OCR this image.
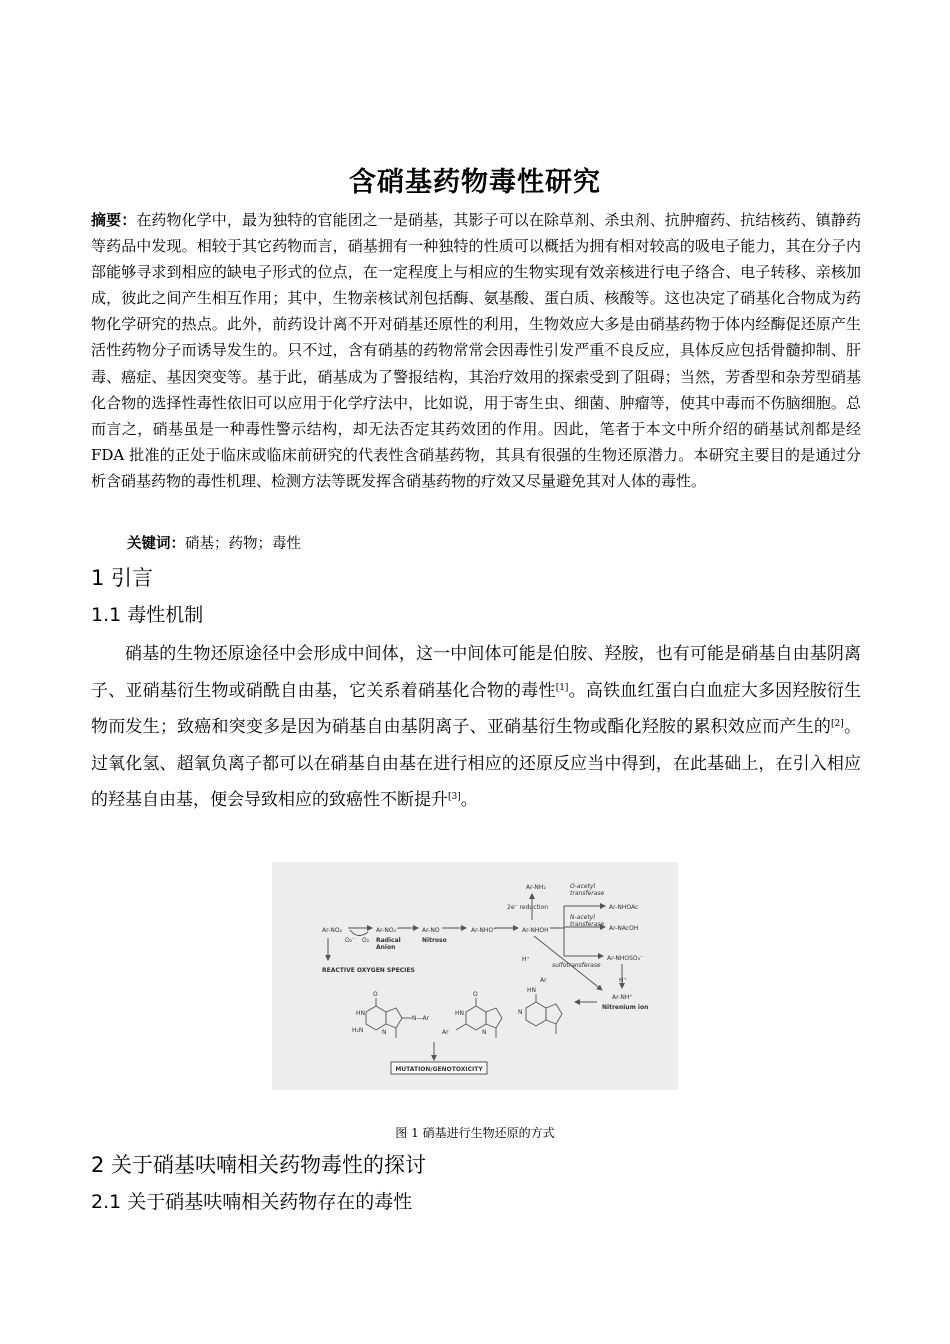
含硝基药物毒性研究
摘要：在药物化学中，最为独特的官能团之一是硝基，其影子可以在除草剂、杀虫剂、抗肿瘤药、抗结核药、镇静药等药品中发现。相较于其它药物而言，硝基拥有一种独特的性质可以概括为拥有相对较高的吸电子能力，其在分子内部能够寻求到相应的缺电子形式的位点，在一定程度上与相应的生物实现有效亲核进行电子络合、电子转移、亲核加成，彼此之间产生相互作用；其中，生物亲核试剂包括酶、氨基酸、蛋白质、核酸等。这也决定了硝基化合物成为药物化学研究的热点。此外，前药设计离不开对硝基还原性的利用，生物效应大多是由硝基药物于体内经酶促还原产生活性药物分子而诱导发生的。只不过，含有硝基的药物常常会因毒性引发严重不良反应，具体反应包括骨髓抑制、肝毒、癌症、基因突变等。基于此，硝基成为了警报结构，其治疗效用的探索受到了阻碍；当然，芳香型和杂芳型硝基化合物的选择性毒性依旧可以应用于化学疗法中，比如说，用于寄生虫、细菌、肿瘤等，使其中毒而不伤脑细胞。总而言之，硝基虽是一种毒性警示结构，却无法否定其药效团的作用。因此，笔者于本文中所介绍的硝基试剂都是经 FDA 批准的正处于临床或临床前研究的代表性含硝基药物，其具有很强的生物还原潜力。本研究主要目的是通过分析含硝基药物的毒性机理、检测方法等既发挥含硝基药物的疗效又尽量避免其对人体的毒性。
关键词：硝基；药物；毒性
1 引言
1.1 毒性机制
硝基的生物还原途径中会形成中间体，这一中间体可能是伯胺、羟胺，也有可能是硝基自由基阴离子、亚硝基衍生物或硝酰自由基，它关系着硝基化合物的毒性[1]。高铁血红蛋白白血症大多因羟胺衍生物而发生；致癌和突变多是因为硝基自由基阴离子、亚硝基衍生物或酯化羟胺的累积效应而产生的[2]。过氧化氢、超氧负离子都可以在硝基自由基在进行相应的还原反应当中得到，在此基础上，在引入相应的羟基自由基，便会导致相应的致癌性不断提升[3]。
Ar-NH₂
2e⁻ reduction
O-acetyl
transferase
N-acetyl
transferase
Ar-NHOAc
Ar-NAcOH
Ar-NO₂	Ar-NO₂⁻	Ar-NO	Ar-NHO⁻	Ar-NHOH
O₂⁻ O₂ Radical
Anion
Nitroso
H⁺
sulfotransferase
Ar-NHOSO₃⁻
H⁺
REACTIVE OXYGEN SPECIES
Ar-NH⁺
Nitrenium ion
O
HN
H₂N	N
N—Ar
O
HN
Ar	N
Ar
HN
N
MUTATION/GENOTOXICITY
图 1 硝基进行生物还原的方式
2 关于硝基呋喃相关药物毒性的探讨
2.1 关于硝基呋喃相关药物存在的毒性
